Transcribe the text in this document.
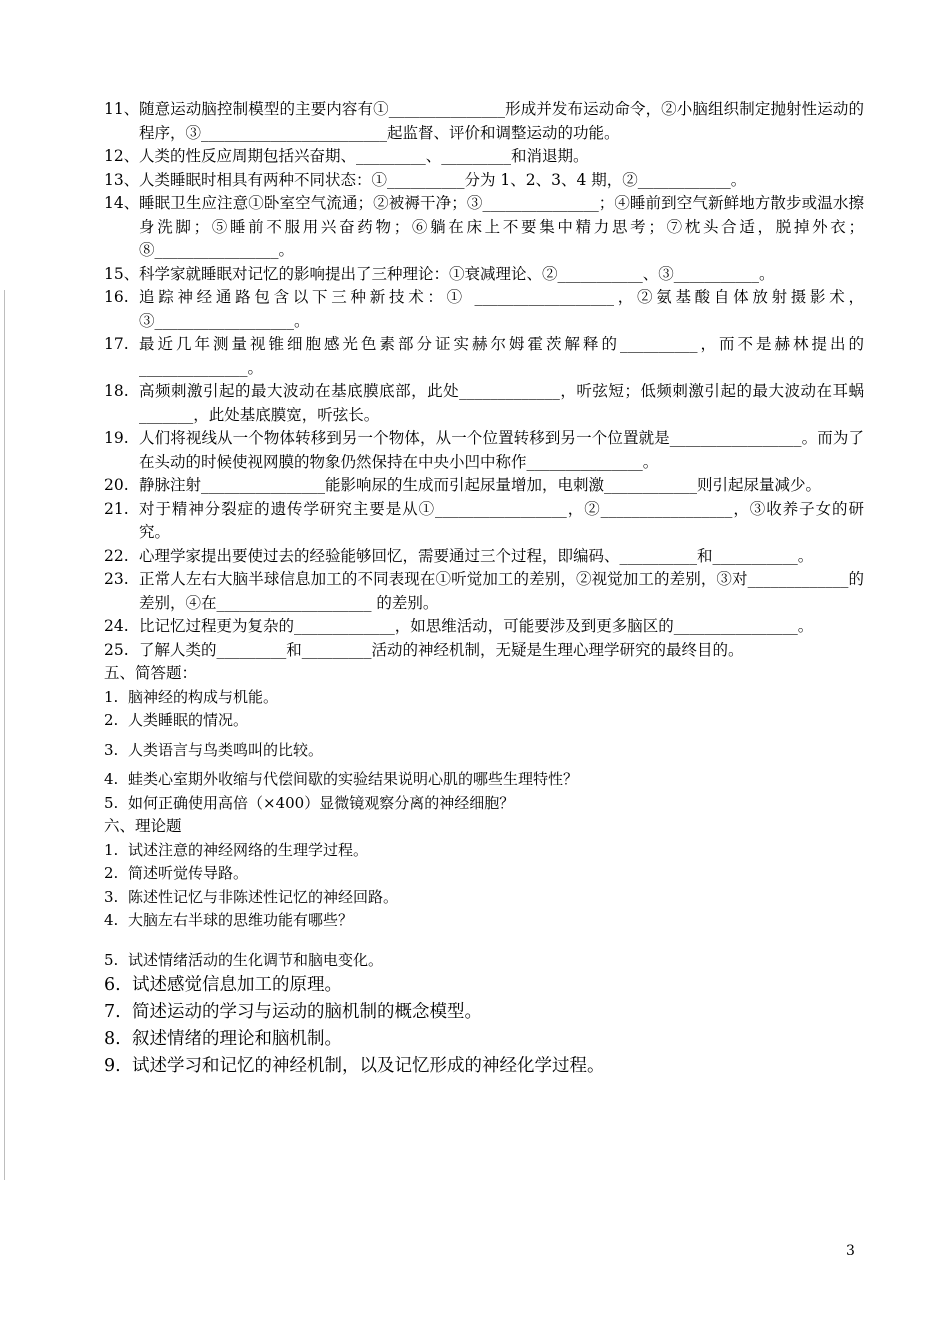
11、 随意运动脑控制模型的主要内容有①_______________形成并发布运动命令，②小脑组织制定抛射性运动的程序，③________________________起监督、评价和调整运动的功能。
12、 人类的性反应周期包括兴奋期、_________、_________和消退期。
13、 人类睡眠时相具有两种不同状态：①__________分为 1、2、3、4 期，②____________。
14、 睡眠卫生应注意①卧室空气流通；②被褥干净；③_______________；④睡前到空气新鲜地方散步或温水擦身洗脚；⑤睡前不服用兴奋药物；⑥躺在床上不要集中精力思考；⑦枕头合适，脱掉外衣；⑧________________。
15、 科学家就睡眠对记忆的影响提出了三种理论：①衰减理论、②___________、③___________。
16. 追踪神经通路包含以下三种新技术：① __________________，②氨基酸自体放射摄影术，③__________________。
17. 最近几年测量视锥细胞感光色素部分证实赫尔姆霍茨解释的__________，而不是赫林提出的______________。
18. 高频刺激引起的最大波动在基底膜底部，此处_____________，听弦短；低频刺激引起的最大波动在耳蜗_______，此处基底膜宽，听弦长。
19. 人们将视线从一个物体转移到另一个物体，从一个位置转移到另一个位置就是_________________。而为了在头动的时候使视网膜的物象仍然保持在中央小凹中称作_______________。
20. 静脉注射________________能影响尿的生成而引起尿量增加，电刺激____________则引起尿量减少。
21. 对于精神分裂症的遗传学研究主要是从①_________________，②_________________，③收养子女的研究。
22. 心理学家提出要使过去的经验能够回忆，需要通过三个过程，即编码、__________和___________。
23. 正常人左右大脑半球信息加工的不同表现在①听觉加工的差别，②视觉加工的差别，③对_____________的差别，④在____________________ 的差别。
24. 比记忆过程更为复杂的_____________，如思维活动，可能要涉及到更多脑区的________________。
25. 了解人类的_________和_________活动的神经机制，无疑是生理心理学研究的最终目的。
五、简答题：
1. 脑神经的构成与机能。
2. 人类睡眠的情况。
3. 人类语言与鸟类鸣叫的比较。
4. 蛙类心室期外收缩与代偿间歇的实验结果说明心肌的哪些生理特性？
5. 如何正确使用高倍（×400）显微镜观察分离的神经细胞？
六、理论题
1. 试述注意的神经网络的生理学过程。
2. 简述听觉传导路。
3. 陈述性记忆与非陈述性记忆的神经回路。
4. 大脑左右半球的思维功能有哪些？
5. 试述情绪活动的生化调节和脑电变化。
6. 试述感觉信息加工的原理。
7. 简述运动的学习与运动的脑机制的概念模型。
8. 叙述情绪的理论和脑机制。
9. 试述学习和记忆的神经机制，以及记忆形成的神经化学过程。
3
